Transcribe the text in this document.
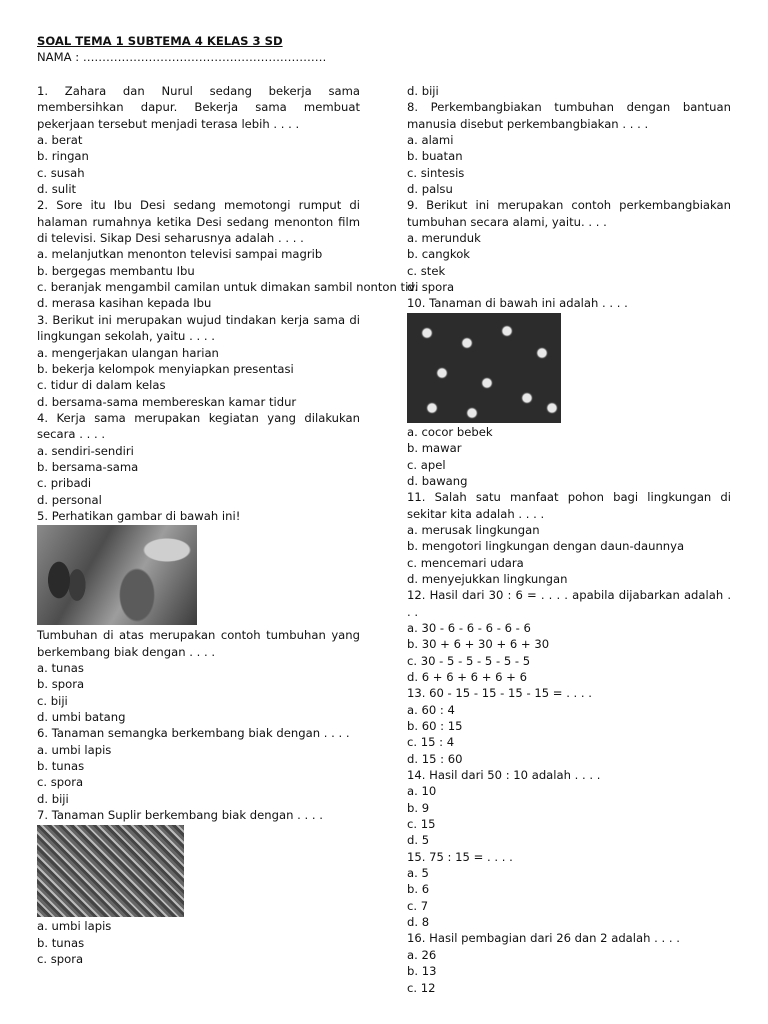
SOAL TEMA 1 SUBTEMA 4 KELAS 3 SD
NAMA : ………………………………………………………
1. Zahara dan Nurul sedang bekerja sama membersihkan dapur. Bekerja sama membuat pekerjaan tersebut menjadi terasa lebih . . . .
a. berat
b. ringan
c. susah
d. sulit
2. Sore itu Ibu Desi sedang memotongi rumput di halaman rumahnya ketika Desi sedang menonton film di televisi. Sikap Desi seharusnya adalah . . . .
a. melanjutkan menonton televisi sampai magrib
b. bergegas membantu Ibu
c. beranjak mengambil camilan untuk dimakan sambil nonton tivi
d. merasa kasihan kepada Ibu
3. Berikut ini merupakan wujud tindakan kerja sama di lingkungan sekolah, yaitu . . . .
a. mengerjakan ulangan harian
b. bekerja kelompok menyiapkan presentasi
c. tidur di dalam kelas
d. bersama-sama membereskan kamar tidur
4. Kerja sama merupakan kegiatan yang dilakukan secara . . . .
a. sendiri-sendiri
b. bersama-sama
c. pribadi
d. personal
5. Perhatikan gambar di bawah ini!
Tumbuhan di atas merupakan contoh tumbuhan yang berkembang biak dengan . . . .
a. tunas
b. spora
c. biji
d. umbi batang
6. Tanaman semangka berkembang biak dengan . . . .
a. umbi lapis
b. tunas
c. spora
d. biji
7. Tanaman Suplir berkembang biak dengan . . . .
a. umbi lapis
b. tunas
c. spora
d. biji
8. Perkembangbiakan tumbuhan dengan bantuan manusia disebut perkembangbiakan . . . .
a. alami
b. buatan
c. sintesis
d. palsu
9. Berikut ini merupakan contoh perkembangbiakan tumbuhan secara alami, yaitu. . . .
a. merunduk
b. cangkok
c. stek
d. spora
10. Tanaman di bawah ini adalah . . . .
a. cocor bebek
b. mawar
c. apel
d. bawang
11. Salah satu manfaat pohon bagi lingkungan di sekitar kita adalah . . . .
a. merusak lingkungan
b. mengotori lingkungan dengan daun-daunnya
c. mencemari udara
d. menyejukkan lingkungan
12. Hasil dari 30 : 6 = . . . . apabila dijabarkan adalah . . .
a. 30 - 6 - 6 - 6 - 6 - 6
b. 30 + 6 + 30 + 6 + 30
c. 30 - 5 - 5 - 5 - 5 - 5
d. 6 + 6 + 6 + 6 + 6
13. 60 - 15 - 15 - 15 - 15 = . . . .
a. 60 : 4
b. 60 : 15
c. 15 : 4
d. 15 : 60
14. Hasil dari 50 : 10 adalah . . . .
a. 10
b. 9
c. 15
d. 5
15. 75 : 15 = . . . .
a. 5
b. 6
c. 7
d. 8
16. Hasil pembagian dari 26 dan 2 adalah . . . .
a. 26
b. 13
c. 12
